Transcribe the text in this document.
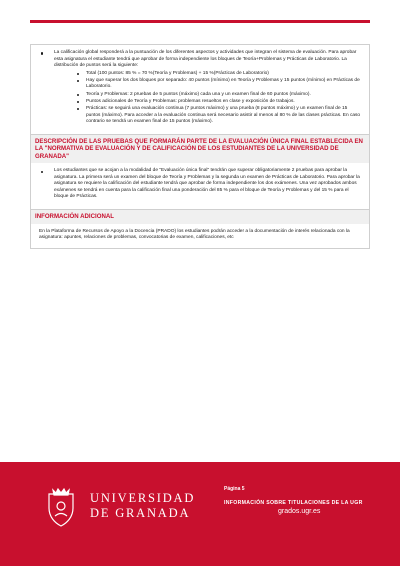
La calificación global responderá a la puntuación de los diferentes aspectos y actividades que integran el sistema de evaluación. Para aprobar esta asignatura el estudiante tendrá que aprobar de forma independiente los bloques de Teoría+Problemas y Prácticas de Laboratorio. La distribución de puntos será la siguiente:
Total (100 puntos: 85 % = 70 %(Teoría y Problemas) + 15 %(Prácticas de Laboratorio)
Hay que superar los dos bloques por separado: 40 puntos (mínimo) en Teoría y Problemas y 15 puntos (mínimo) en Prácticas de Laboratorio.
Teoría y Problemas: 2 pruebas de 5 puntos (máximo) cada una y un examen final de 60 puntos (máximo).
Puntos adicionales de Teoría y Problemas: problemas resueltos en clase y exposición de trabajos.
Prácticas: se seguirá una evaluación continua (7 puntos máximo) y una prueba (8 puntos máximo) y un examen final de 15 puntos (máximo). Para acceder a la evaluación continua será necesario asistir al menos al 80 % de las clases prácticas. En caso contrario se tendrá un examen final de 15 puntos (máximo).
DESCRIPCIÓN DE LAS PRUEBAS QUE FORMARÁN PARTE DE LA EVALUACIÓN ÚNICA FINAL ESTABLECIDA EN LA "NORMATIVA DE EVALUACIÓN Y DE CALIFICACIÓN DE LOS ESTUDIANTES DE LA UNIVERSIDAD DE GRANADA"
Los estudiantes que se acojan a la modalidad de "Evaluación única final" tendrán que superar obligatoriamente 2 pruebas para aprobar la asignatura. La primera será un examen del bloque de Teoría y Problemas y la segunda un examen de Prácticas de Laboratorio. Para aprobar la asignatura se requiere la calificación del estudiante tendrá que aprobar de forma independiente los dos exámenes. Una vez aprobados ambos exámenes se tendrá en cuenta para la calificación final una ponderación del 85 % para el bloque de Teoría y Problemas y del 15 % para el bloque de Prácticas.
INFORMACIÓN ADICIONAL

En la Plataforma de Recursos de Apoyo a la Docencia (PRADO) los estudiantes podrán acceder a la documentación de interés relacionada con la asignatura: apuntes, relaciones de problemas, convocatorias de examen, calificaciones, etc

UNIVERSIDAD
DE GRANADA
Página 5
INFORMACIÓN SOBRE TITULACIONES DE LA UGR
grados.ugr.es
